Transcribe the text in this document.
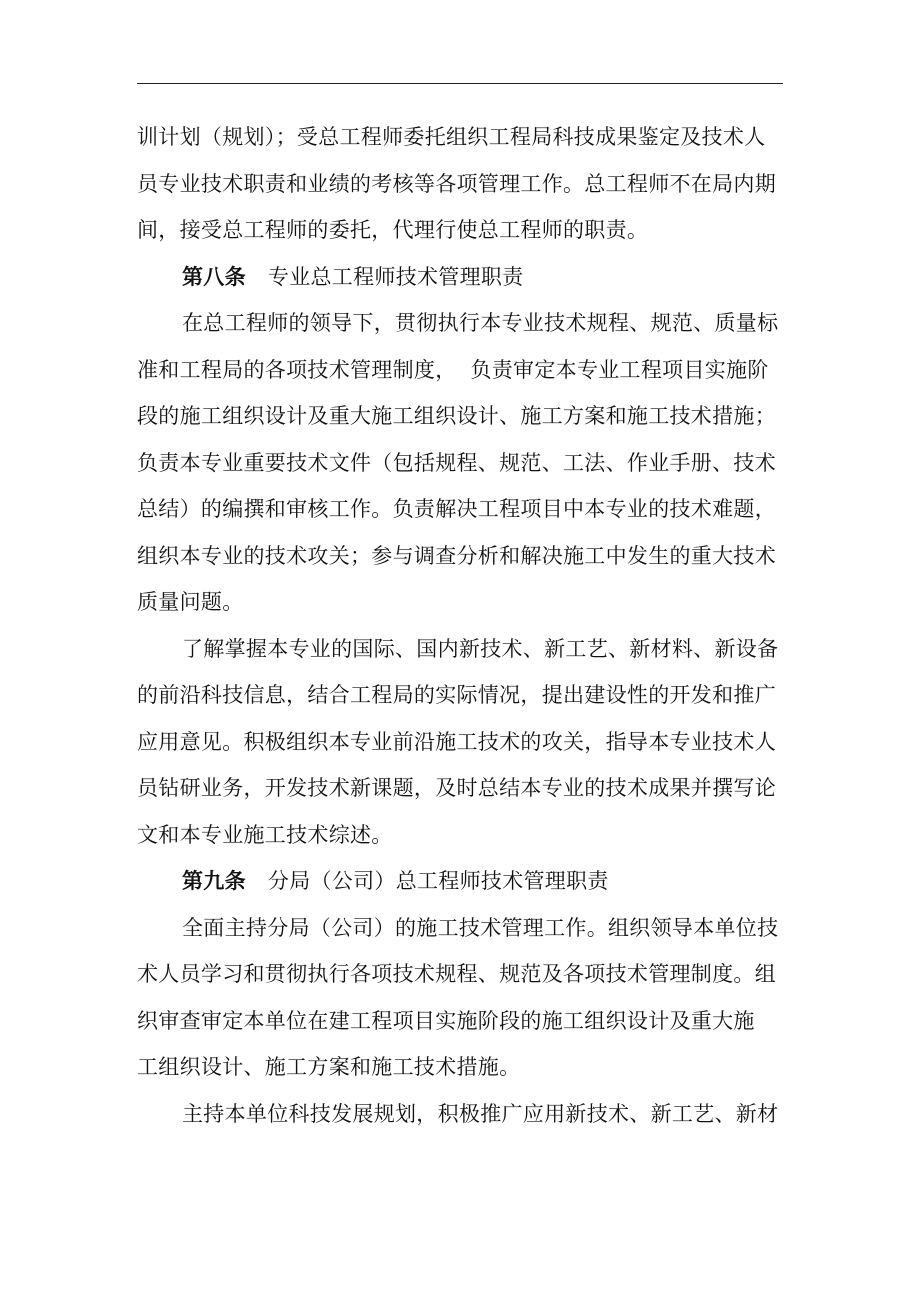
训计划（规划）；受总工程师委托组织工程局科技成果鉴定及技术人
员专业技术职责和业绩的考核等各项管理工作。总工程师不在局内期
间，接受总工程师的委托，代理行使总工程师的职责。
第八条 专业总工程师技术管理职责
在总工程师的领导下，贯彻执行本专业技术规程、规范、质量标
准和工程局的各项技术管理制度，  负责审定本专业工程项目实施阶
段的施工组织设计及重大施工组织设计、施工方案和施工技术措施；
负责本专业重要技术文件（包括规程、规范、工法、作业手册、技术
总结）的编撰和审核工作。负责解决工程项目中本专业的技术难题，
组织本专业的技术攻关；参与调查分析和解决施工中发生的重大技术
质量问题。
了解掌握本专业的国际、国内新技术、新工艺、新材料、新设备
的前沿科技信息，结合工程局的实际情况，提出建设性的开发和推广
应用意见。积极组织本专业前沿施工技术的攻关，指导本专业技术人
员钻研业务，开发技术新课题，及时总结本专业的技术成果并撰写论
文和本专业施工技术综述。
第九条 分局（公司）总工程师技术管理职责
全面主持分局（公司）的施工技术管理工作。组织领导本单位技
术人员学习和贯彻执行各项技术规程、规范及各项技术管理制度。组
织审查审定本单位在建工程项目实施阶段的施工组织设计及重大施
工组织设计、施工方案和施工技术措施。
主持本单位科技发展规划，积极推广应用新技术、新工艺、新材
